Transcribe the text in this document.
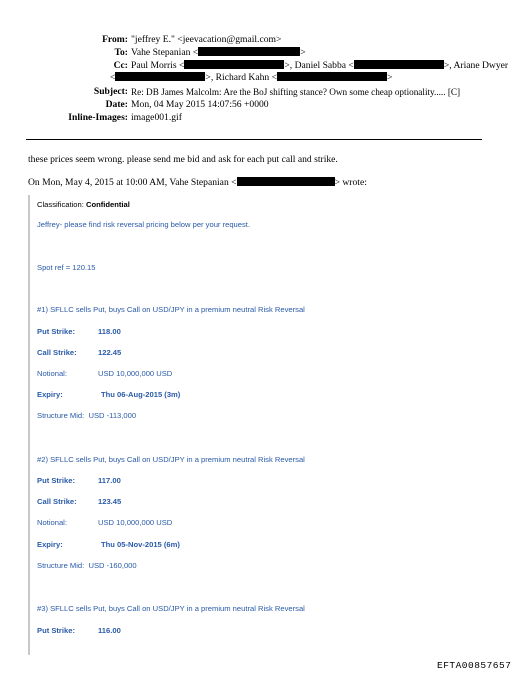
From: "jeffrey E." <jeevacation@gmail.com>
To: Vahe Stepanian <	>
Cc: Paul Morris <	>, Daniel Sabba <	>, Ariane Dwyer
<	>, Richard Kahn <	>
Subject: Re: DB James Malcolm: Are the BoJ shifting stance? Own some cheap optionality..... [C]
Date: Mon, 04 May 2015 14:07:56 +0000
Inline-Images: image001.gif
these prices seem wrong. please send me bid and ask for each put call and strike.
On Mon, May 4, 2015 at 10:00 AM, Vahe Stepanian <	> wrote:
Classification: Confidential
Jeffrey- please find risk reversal pricing below per your request.
Spot ref = 120.15
#1) SFLLC sells Put, buys Call on USD/JPY in a premium neutral Risk Reversal
Put Strike:	118.00
Call Strike:	122.45
Notional:	USD 10,000,000 USD
Expiry:	Thu 06-Aug-2015 (3m)
Structure Mid: USD -113,000
#2) SFLLC sells Put, buys Call on USD/JPY in a premium neutral Risk Reversal
Put Strike:	117.00
Call Strike:	123.45
Notional:	USD 10,000,000 USD
Expiry:	Thu 05-Nov-2015 (6m)
Structure Mid: USD -160,000
#3) SFLLC sells Put, buys Call on USD/JPY in a premium neutral Risk Reversal
Put Strike:	116.00
EFTA00857657
